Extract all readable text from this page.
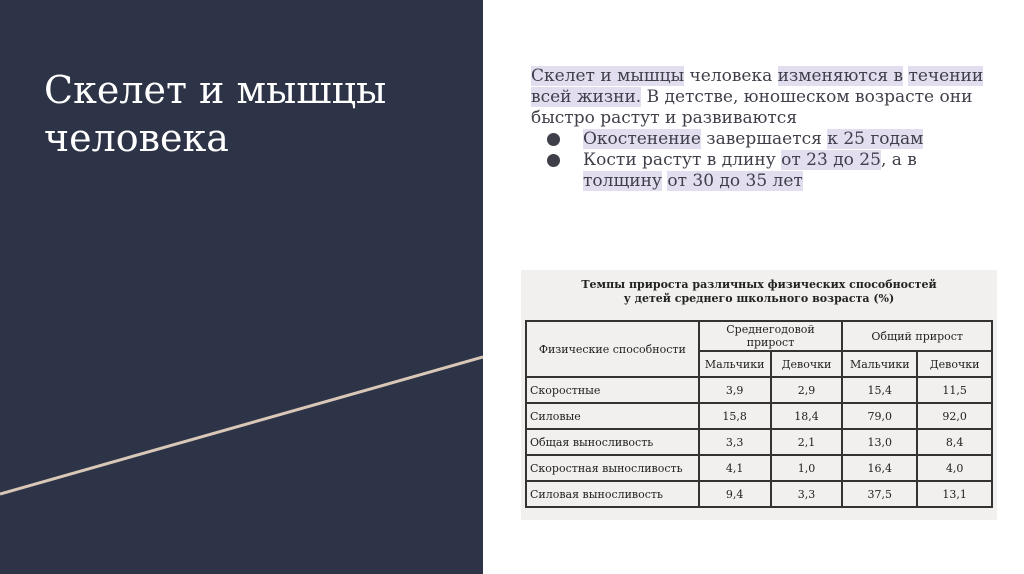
Скелет и мышцы человека

Скелет и мышцы человека изменяются в течении всей жизни. В детстве, юношеском возрасте они быстро растут и развиваются

Окостенение завершается к 25 годам
Кости растут в длину от 23 до 25, а в толщину от 30 до 35 лет
Темпы прироста различных физических способностей
у детей среднего школьного возраста (%)
Физические способности	Среднегодовой прирост		Общий прирост	
	Мальчики	Девочки	Мальчики	Девочки
Скоростные	3,9	2,9	15,4	11,5
Силовые	15,8	18,4	79,0	92,0
Общая выносливость	3,3	2,1	13,0	8,4
Скоростная выносливость	4,1	1,0	16,4	4,0
Силовая выносливость	9,4	3,3	37,5	13,1
